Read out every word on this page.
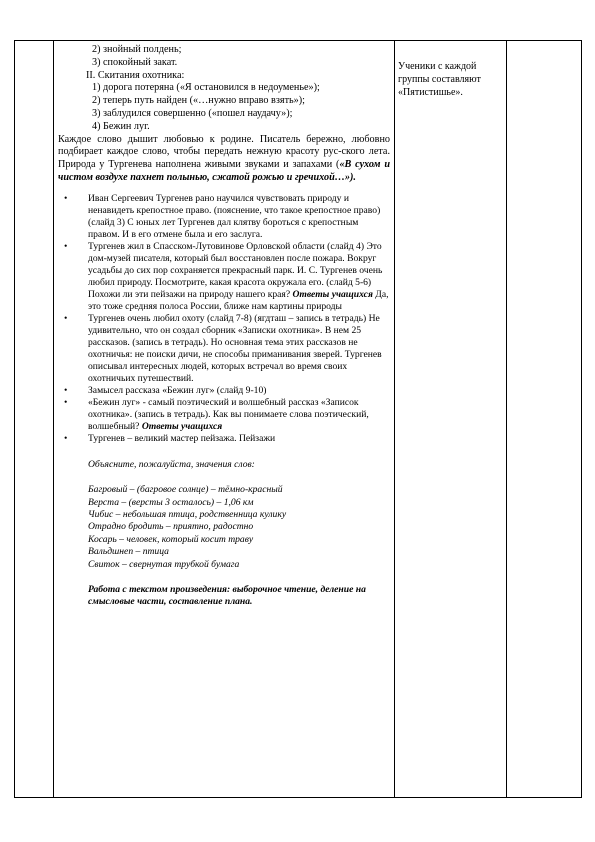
2) знойный полдень;
3) спокойный закат.
II. Скитания охотника:
1) дорога потеряна («Я остановился в недоуменье»);
2) теперь путь найден («…нужно вправо взять»);
3) заблудился совершенно («пошел наудачу»);
4) Бежин луг.

Каждое слово дышит любовью к родине. Писатель бережно, любовно подбирает каждое слово, чтобы передать нежную красоту рус-ского лета. Природа у Тургенева наполнена живыми звуками и запахами («В сухом и чистом воздухе пахнет полынью, сжатой рожью и гречихой…»).

• Иван Сергеевич Тургенев рано научился чувствовать природу и ненавидеть крепостное право. (пояснение, что такое крепостное право) (слайд 3) С юных лет Тургенев дал клятву бороться с крепостным правом. И в его отмене была и его заслуга.
• Тургенев жил в Спасском-Лутовинове Орловской области (слайд 4) Это дом-музей писателя, который был восстановлен после пожара. Вокруг усадьбы до сих пор сохраняется прекрасный парк. И. С. Тургенев очень любил природу. Посмотрите, какая красота окружала его. (слайд 5-6) Похожи ли эти пейзажи на природу нашего края? Ответы учащихся Да, это тоже средняя полоса России, ближе нам картины природы
• Тургенев очень любил охоту (слайд 7-8) (ягдташ – запись в тетрадь) Не удивительно, что он создал сборник «Записки охотника». В нем 25 рассказов. (запись в тетрадь). Но основная тема этих рассказов не охотничья: не поиски дичи, не способы приманивания зверей. Тургенев описывал интересных людей, которых встречал во время своих охотничьих путешествий.
• Замысел рассказа «Бежин луг» (слайд 9-10)
• «Бежин луг» - самый поэтический и волшебный рассказ «Записок охотника». (запись в тетрадь). Как вы понимаете слова поэтический, волшебный? Ответы учащихся
• Тургенев – великий мастер пейзажа. Пейзажи
Объясните, пожалуйста, значения слов:
Багровый – (багровое солнце) – тёмно-красный
Верста – (версты 3 осталось) – 1,06 км
Чибис – небольшая птица, родственница кулику
Отрадно бродить – приятно, радостно
Косарь – человек, который косит траву
Вальдшнеп – птица
Свиток – свернутая трубкой бумага
Работа с текстом произведения: выборочное чтение, деление на смысловые части, составление плана.
Ученики с каждой группы составляют «Пятистишье».
